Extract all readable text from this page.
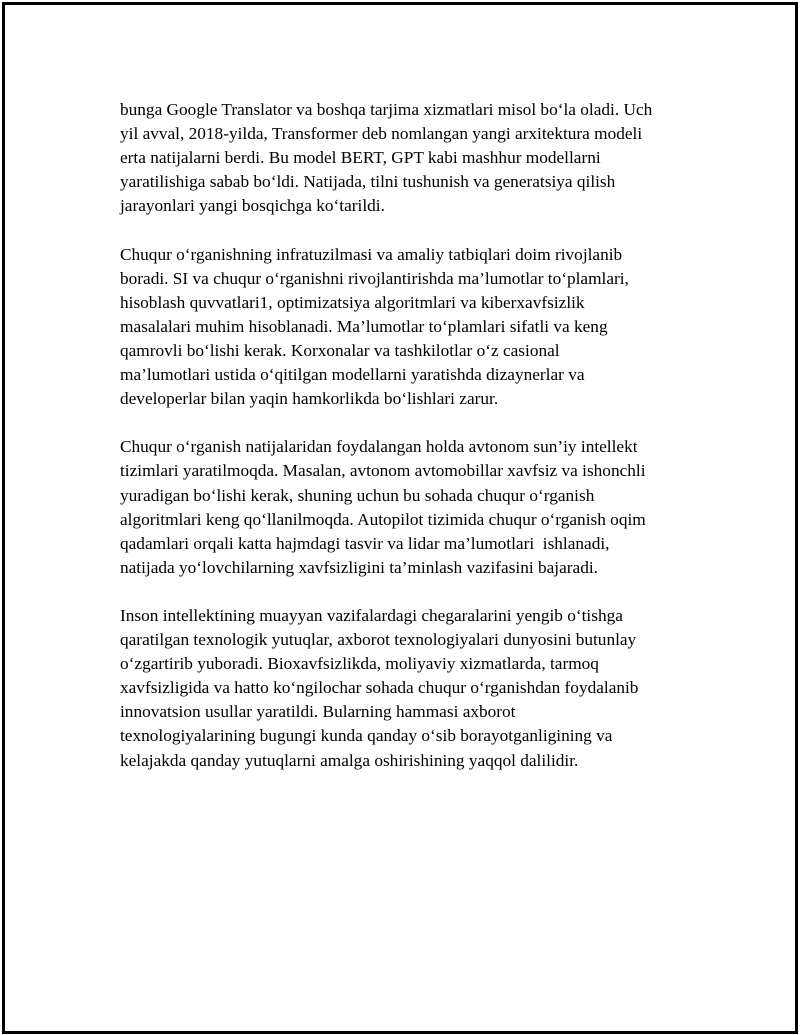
bunga Google Translator va boshqa tarjima xizmatlari misol bo‘la oladi. Uch
yil avval, 2018-yilda, Transformer deb nomlangan yangi arxitektura modeli
erta natijalarni berdi. Bu model BERT, GPT kabi mashhur modellarni
yaratilishiga sabab bo‘ldi. Natijada, tilni tushunish va generatsiya qilish
jarayonlari yangi bosqichga ko‘tarildi.

Chuqur o‘rganishning infratuzilmasi va amaliy tatbiqlari doim rivojlanib
boradi. SI va chuqur o‘rganishni rivojlantirishda ma’lumotlar to‘plamlari,
hisoblash quvvatlari1, optimizatsiya algoritmlari va kiberxavfsizlik
masalalari muhim hisoblanadi. Ma’lumotlar to‘plamlari sifatli va keng
qamrovli bo‘lishi kerak. Korxonalar va tashkilotlar o‘z casional
ma’lumotlari ustida o‘qitilgan modellarni yaratishda dizaynerlar va
developerlar bilan yaqin hamkorlikda bo‘lishlari zarur.

Chuqur o‘rganish natijalaridan foydalangan holda avtonom sun’iy intellekt
tizimlari yaratilmoqda. Masalan, avtonom avtomobillar xavfsiz va ishonchli
yuradigan bo‘lishi kerak, shuning uchun bu sohada chuqur o‘rganish
algoritmlari keng qo‘llanilmoqda. Autopilot tizimida chuqur o‘rganish oqim
qadamlari orqali katta hajmdagi tasvir va lidar ma’lumotlari  ishlanadi,
natijada yo‘lovchilarning xavfsizligini ta’minlash vazifasini bajaradi.

Inson intellektining muayyan vazifalardagi chegaralarini yengib o‘tishga
qaratilgan texnologik yutuqlar, axborot texnologiyalari dunyosini butunlay
o‘zgartirib yuboradi. Bioxavfsizlikda, moliyaviy xizmatlarda, tarmoq
xavfsizligida va hatto ko‘ngilochar sohada chuqur o‘rganishdan foydalanib
innovatsion usullar yaratildi. Bularning hammasi axborot
texnologiyalarining bugungi kunda qanday o‘sib borayotganligining va
kelajakda qanday yutuqlarni amalga oshirishining yaqqol dalilidir.
